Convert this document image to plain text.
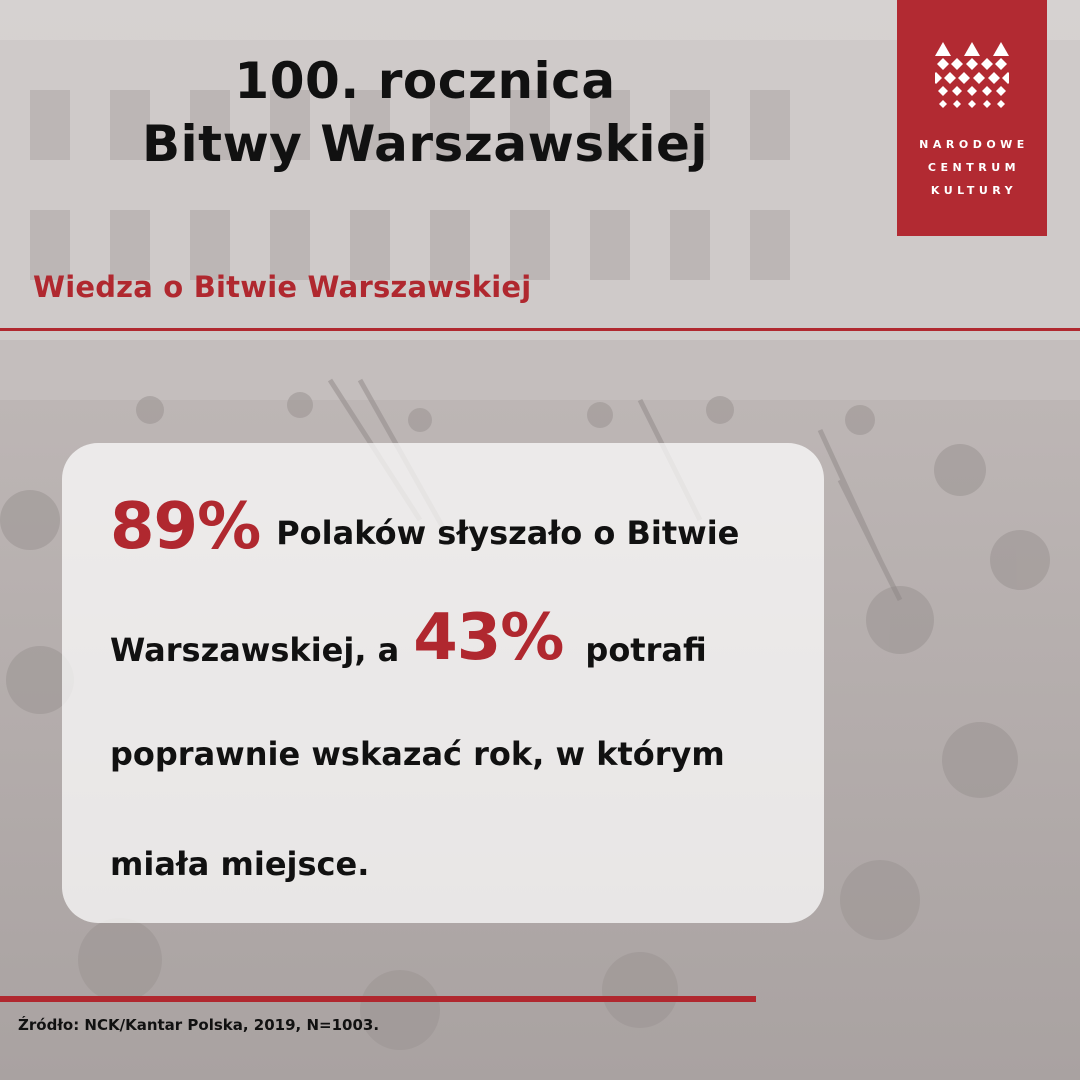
100. rocznica
Bitwy Warszawskiej	NARODOWE
CENTRUM
KULTURY
Wiedza o Bitwie Warszawskiej
89% Polaków słyszało o Bitwie
Warszawskiej, a 43% potrafi
poprawnie wskazać rok, w którym
miała miejsce.
Źródło: NCK/Kantar Polska, 2019, N=1003.
